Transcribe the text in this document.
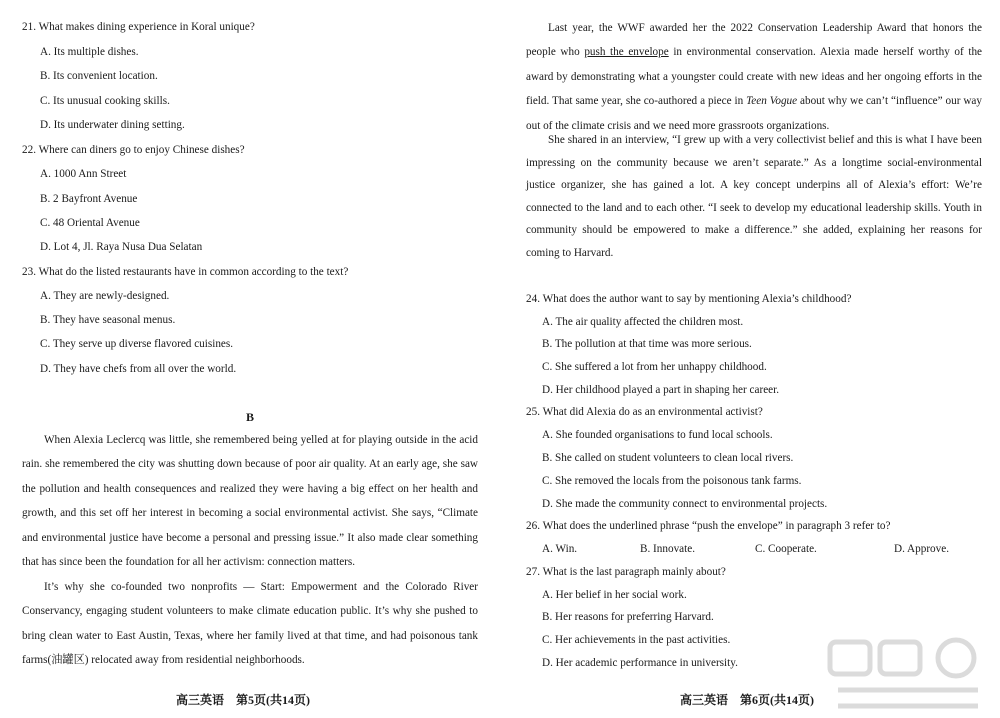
21. What makes dining experience in Koral unique?
A. Its multiple dishes.
B. Its convenient location.
C. Its unusual cooking skills.
D. Its underwater dining setting.
22. Where can diners go to enjoy Chinese dishes?
A. 1000 Ann Street
B. 2 Bayfront Avenue
C. 48 Oriental Avenue
D. Lot 4, Jl. Raya Nusa Dua Selatan
23. What do the listed restaurants have in common according to the text?
A. They are newly-designed.
B. They have seasonal menus.
C. They serve up diverse flavored cuisines.
D. They have chefs from all over the world.
B
When Alexia Leclercq was little, she remembered being yelled at for playing outside in the acid rain. she remembered the city was shutting down because of poor air quality. At an early age, she saw the pollution and health consequences and realized they were having a big effect on her health and growth, and this set off her interest in becoming a social environmental activist. She says, “Climate and environmental justice have become a personal and pressing issue.” It also made clear something that has since been the foundation for all her activism: connection matters.
It’s why she co-founded two nonprofits — Start: Empowerment and the Colorado River Conservancy, engaging student volunteers to make climate education public. It’s why she pushed to bring clean water to East Austin, Texas, where her family lived at that time, and had poisonous tank farms(油罐区) relocated away from residential neighborhoods.
高三英语　第5页(共14页)
Last year, the WWF awarded her the 2022 Conservation Leadership Award that honors the people who push the envelope in environmental conservation. Alexia made herself worthy of the award by demonstrating what a youngster could create with new ideas and her ongoing efforts in the field. That same year, she co-authored a piece in Teen Vogue about why we can’t “influence” our way out of the climate crisis and we need more grassroots organizations.
She shared in an interview, “I grew up with a very collectivist belief and this is what I have been impressing on the community because we aren’t separate.” As a longtime social-environmental justice organizer, she has gained a lot. A key concept underpins all of Alexia’s effort: We’re connected to the land and to each other. “I seek to develop my educational leadership skills. Youth in community should be empowered to make a difference.” she added, explaining her reasons for coming to Harvard.
24. What does the author want to say by mentioning Alexia’s childhood?
A. The air quality affected the children most.
B. The pollution at that time was more serious.
C. She suffered a lot from her unhappy childhood.
D. Her childhood played a part in shaping her career.
25. What did Alexia do as an environmental activist?
A. She founded organisations to fund local schools.
B. She called on student volunteers to clean local rivers.
C. She removed the locals from the poisonous tank farms.
D. She made the community connect to environmental projects.
26. What does the underlined phrase “push the envelope” in paragraph 3 refer to?
A. Win.	B. Innovate.	C. Cooperate.	D. Approve.
27. What is the last paragraph mainly about?
A. Her belief in her social work.
B. Her reasons for preferring Harvard.
C. Her achievements in the past activities.
D. Her academic performance in university.
高三英语　第6页(共14页)
